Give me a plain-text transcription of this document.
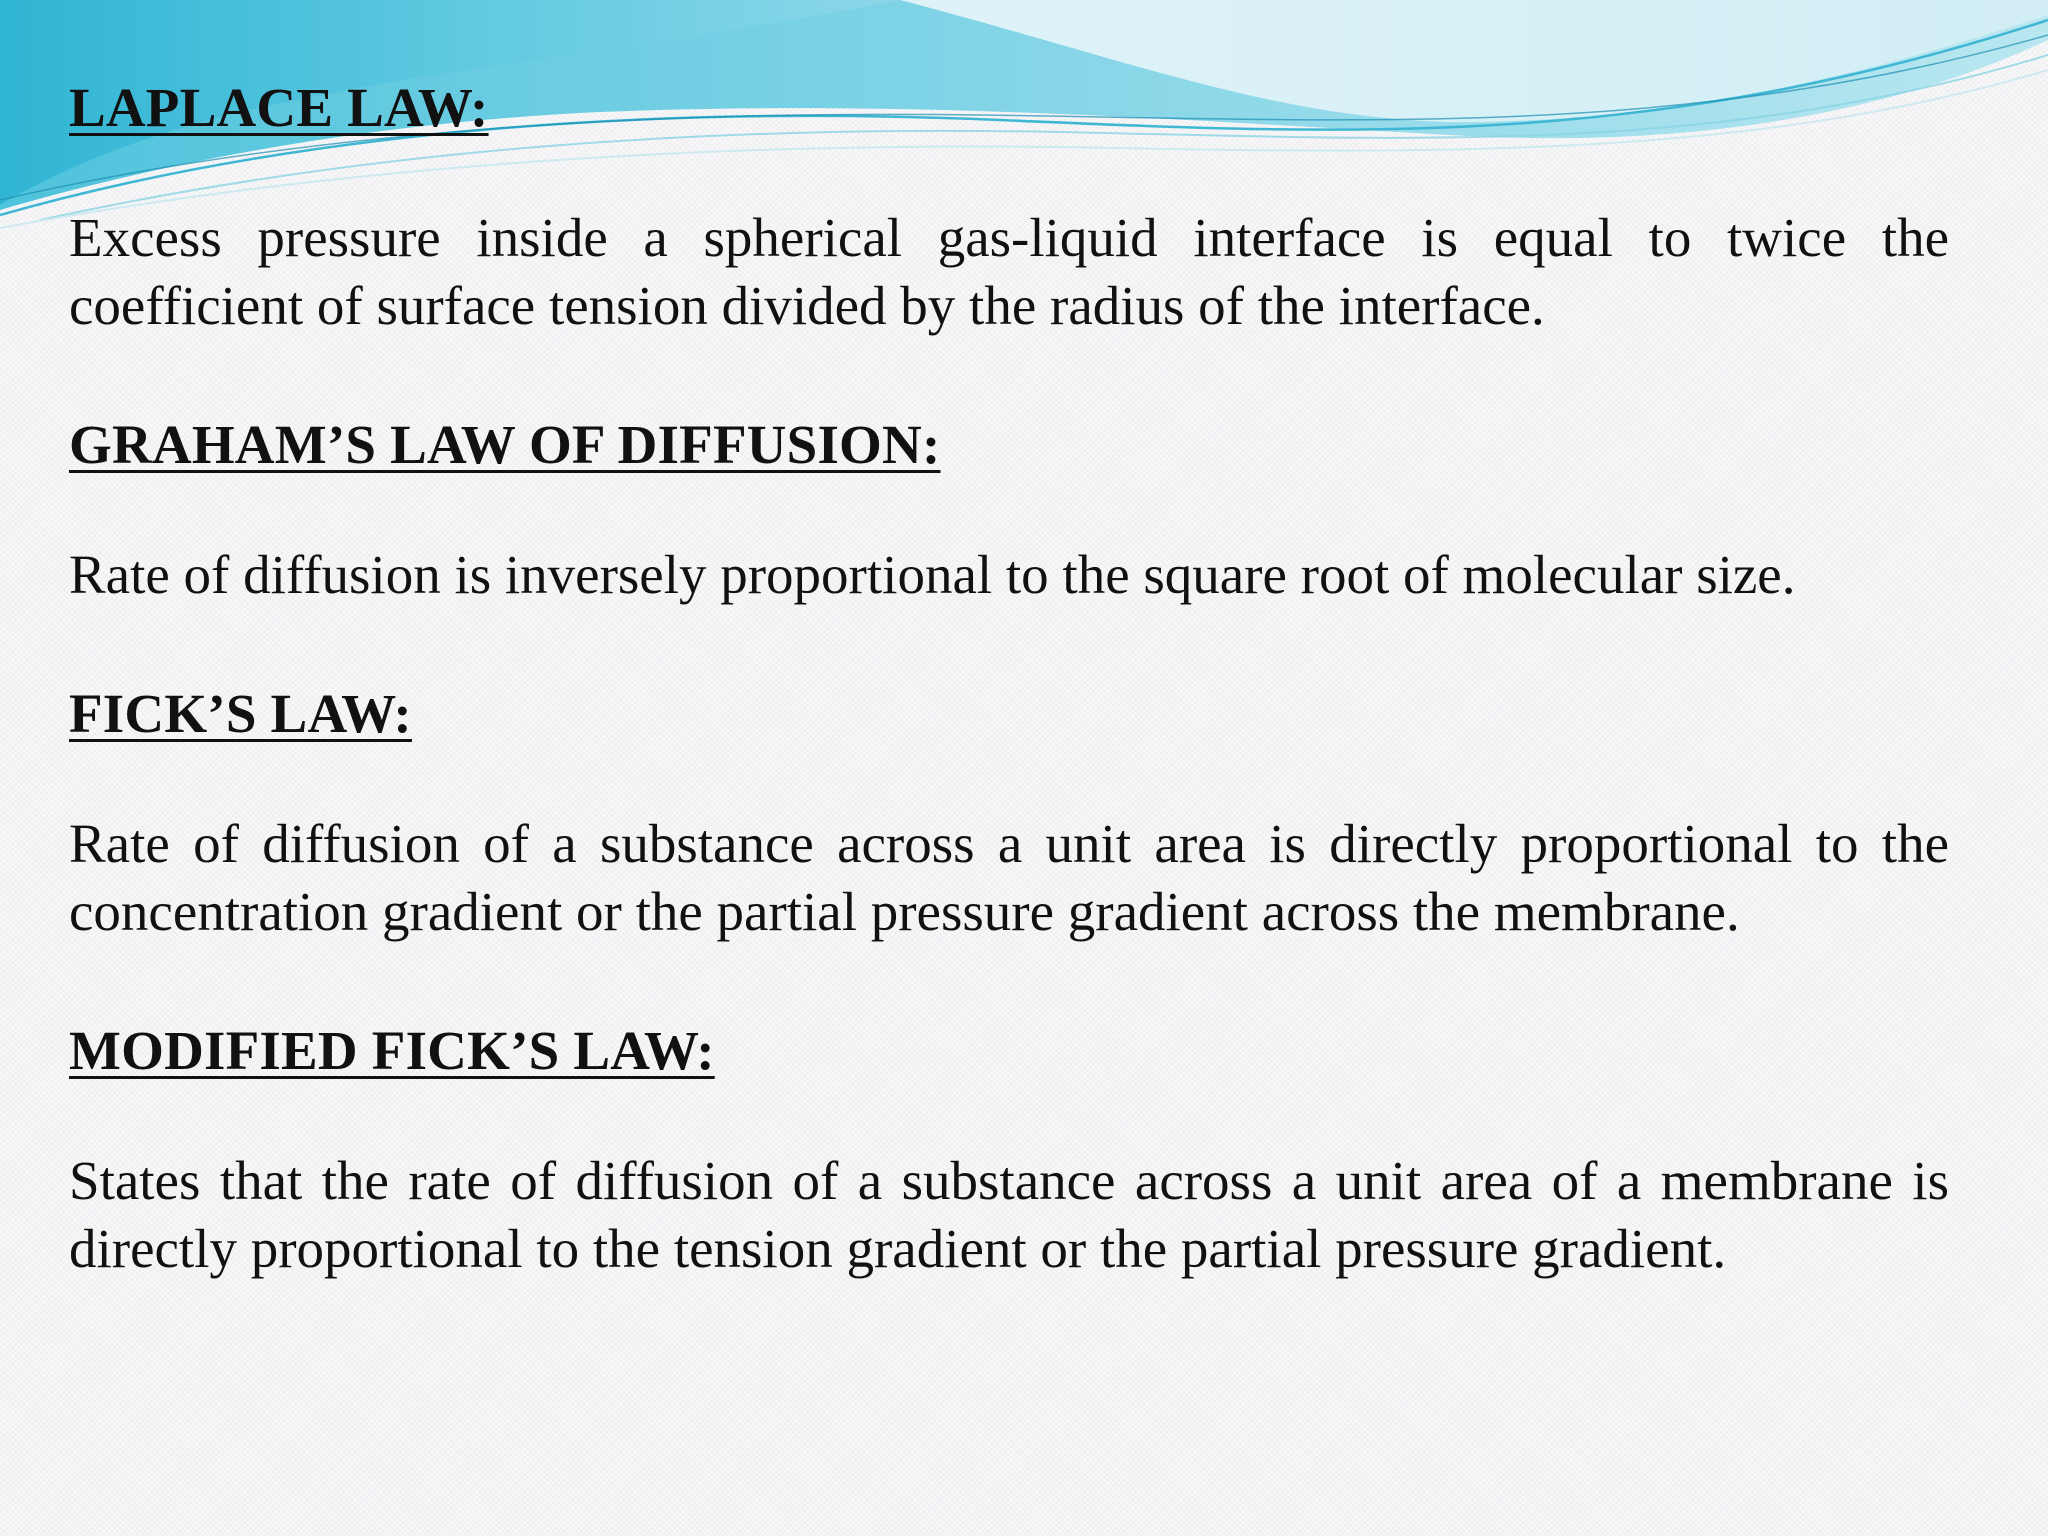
LAPLACE LAW:

Excess pressure inside a spherical gas-liquid interface is equal to twice the coefficient of surface tension divided by the radius of the interface.

GRAHAM’S LAW OF DIFFUSION:

Rate of diffusion is inversely proportional to the square root of molecular size.

FICK’S LAW:

Rate of diffusion of a substance across a unit area is directly proportional to the concentration gradient or the partial pressure gradient across the membrane.

MODIFIED FICK’S LAW:

States that the rate of diffusion of a substance across a unit area of a membrane is directly proportional to the tension gradient or the partial pressure gradient.
